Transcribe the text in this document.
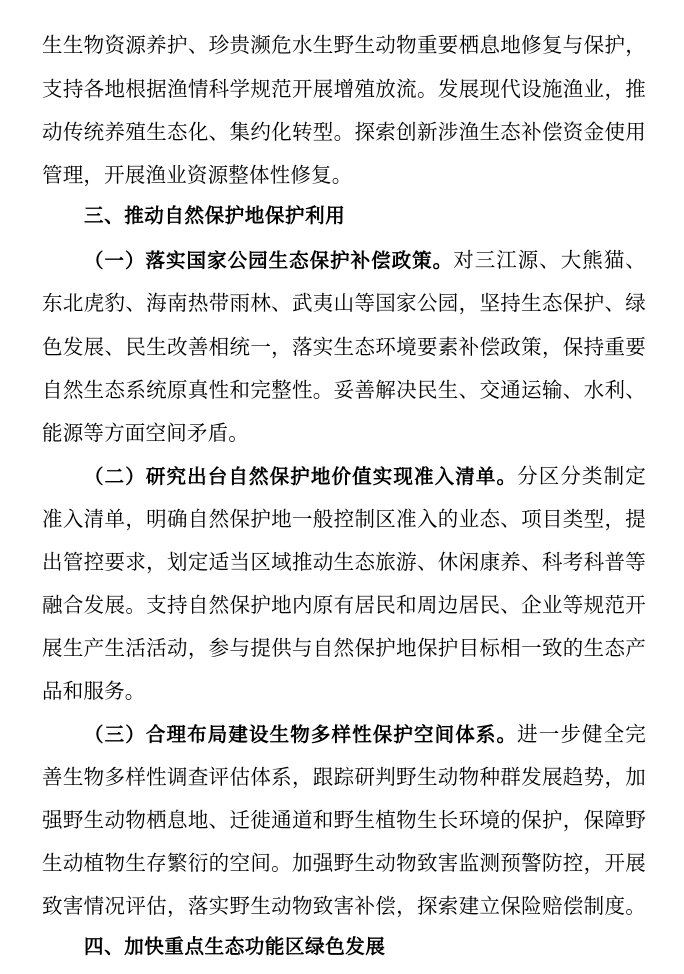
生生物资源养护、珍贵濒危水生野生动物重要栖息地修复与保护，
支持各地根据渔情科学规范开展增殖放流。发展现代设施渔业，推
动传统养殖生态化、集约化转型。探索创新涉渔生态补偿资金使用
管理，开展渔业资源整体性修复。
三、推动自然保护地保护利用
（一）落实国家公园生态保护补偿政策。对三江源、大熊猫、
东北虎豹、海南热带雨林、武夷山等国家公园，坚持生态保护、绿
色发展、民生改善相统一，落实生态环境要素补偿政策，保持重要
自然生态系统原真性和完整性。妥善解决民生、交通运输、水利、
能源等方面空间矛盾。
（二）研究出台自然保护地价值实现准入清单。分区分类制定
准入清单，明确自然保护地一般控制区准入的业态、项目类型，提
出管控要求，划定适当区域推动生态旅游、休闲康养、科考科普等
融合发展。支持自然保护地内原有居民和周边居民、企业等规范开
展生产生活活动，参与提供与自然保护地保护目标相一致的生态产
品和服务。
（三）合理布局建设生物多样性保护空间体系。进一步健全完
善生物多样性调查评估体系，跟踪研判野生动物种群发展趋势，加
强野生动物栖息地、迁徙通道和野生植物生长环境的保护，保障野
生动植物生存繁衍的空间。加强野生动物致害监测预警防控，开展
致害情况评估，落实野生动物致害补偿，探索建立保险赔偿制度。
四、加快重点生态功能区绿色发展
